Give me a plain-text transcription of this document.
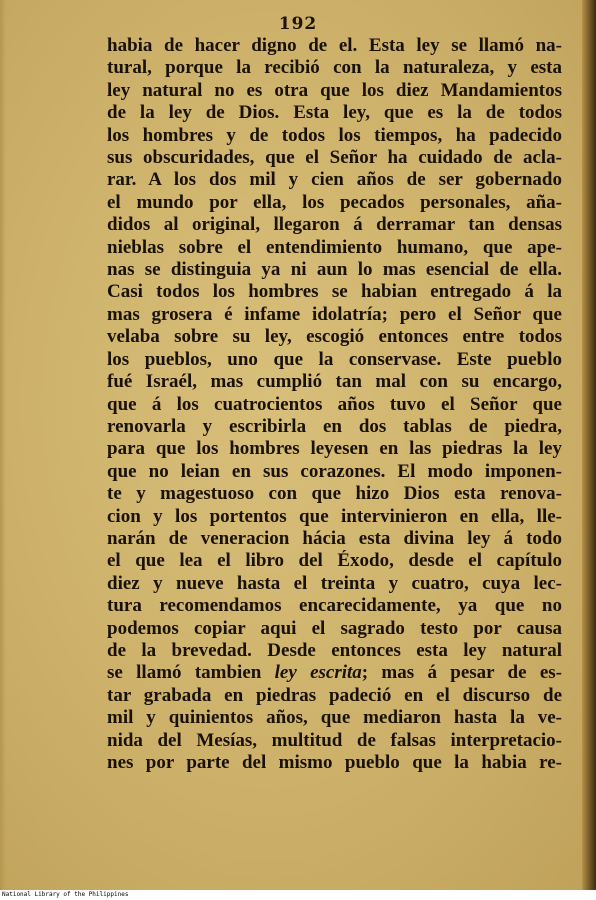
192
habia de hacer digno de el. Esta ley se llamó na-
tural, porque la recibió con la naturaleza, y esta
ley natural no es otra que los diez Mandamientos
de la ley de Dios. Esta ley, que es la de todos
los hombres y de todos los tiempos, ha padecido
sus obscuridades, que el Señor ha cuidado de acla-
rar. A los dos mil y cien años de ser gobernado
el mundo por ella, los pecados personales, aña-
didos al original, llegaron á derramar tan densas
nieblas sobre el entendimiento humano, que ape-
nas se distinguia ya ni aun lo mas esencial de ella.
Casi todos los hombres se habian entregado á la
mas grosera é infame idolatría; pero el Señor que
velaba sobre su ley, escogió entonces entre todos
los pueblos, uno que la conservase. Este pueblo
fué Israél, mas cumplió tan mal con su encargo,
que á los cuatrocientos años tuvo el Señor que
renovarla y escribirla en dos tablas de piedra,
para que los hombres leyesen en las piedras la ley
que no leian en sus corazones. El modo imponen-
te y magestuoso con que hizo Dios esta renova-
cion y los portentos que intervinieron en ella, lle-
narán de veneracion hácia esta divina ley á todo
el que lea el libro del Éxodo, desde el capítulo
diez y nueve hasta el treinta y cuatro, cuya lec-
tura recomendamos encarecidamente, ya que no
podemos copiar aqui el sagrado testo por causa
de la brevedad. Desde entonces esta ley natural
se llamó tambien ley escrita; mas á pesar de es-
tar grabada en piedras padeció en el discurso de
mil y quinientos años, que mediaron hasta la ve-
nida del Mesías, multitud de falsas interpretacio-
nes por parte del mismo pueblo que la habia re-
National Library of the Philippines
